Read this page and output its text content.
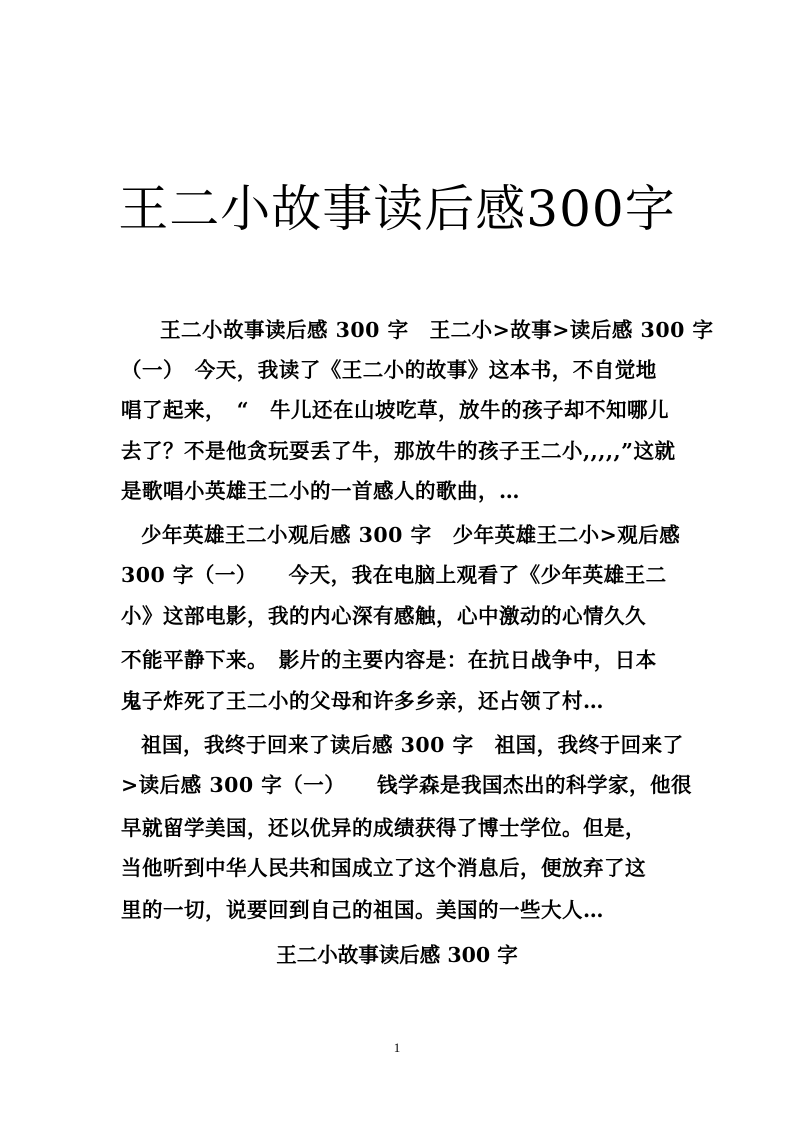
王二小故事读后感300字
王二小故事读后感 300 字　王二小>故事>读后感 300 字
（一）　今天，我读了《王二小的故事》这本书，不自觉地
唱了起来，　“　牛儿还在山坡吃草，放牛的孩子却不知哪儿
去了？不是他贪玩耍丢了牛，那放牛的孩子王二小,,,,,”这就
是歌唱小英雄王二小的一首感人的歌曲，…
少年英雄王二小观后感 300 字　少年英雄王二小>观后感
300 字（一）　　今天，我在电脑上观看了《少年英雄王二
小》这部电影，我的内心深有感触，心中激动的心情久久
不能平静下来。　影片的主要内容是：在抗日战争中，日本
鬼子炸死了王二小的父母和许多乡亲，还占领了村…
祖国，我终于回来了读后感 300 字　祖国，我终于回来了
>读后感 300 字（一）　　钱学森是我国杰出的科学家，他很
早就留学美国，还以优异的成绩获得了博士学位。但是，
当他听到中华人民共和国成立了这个消息后，便放弃了这
里的一切，说要回到自己的祖国。美国的一些大人…
王二小故事读后感 300 字
1
